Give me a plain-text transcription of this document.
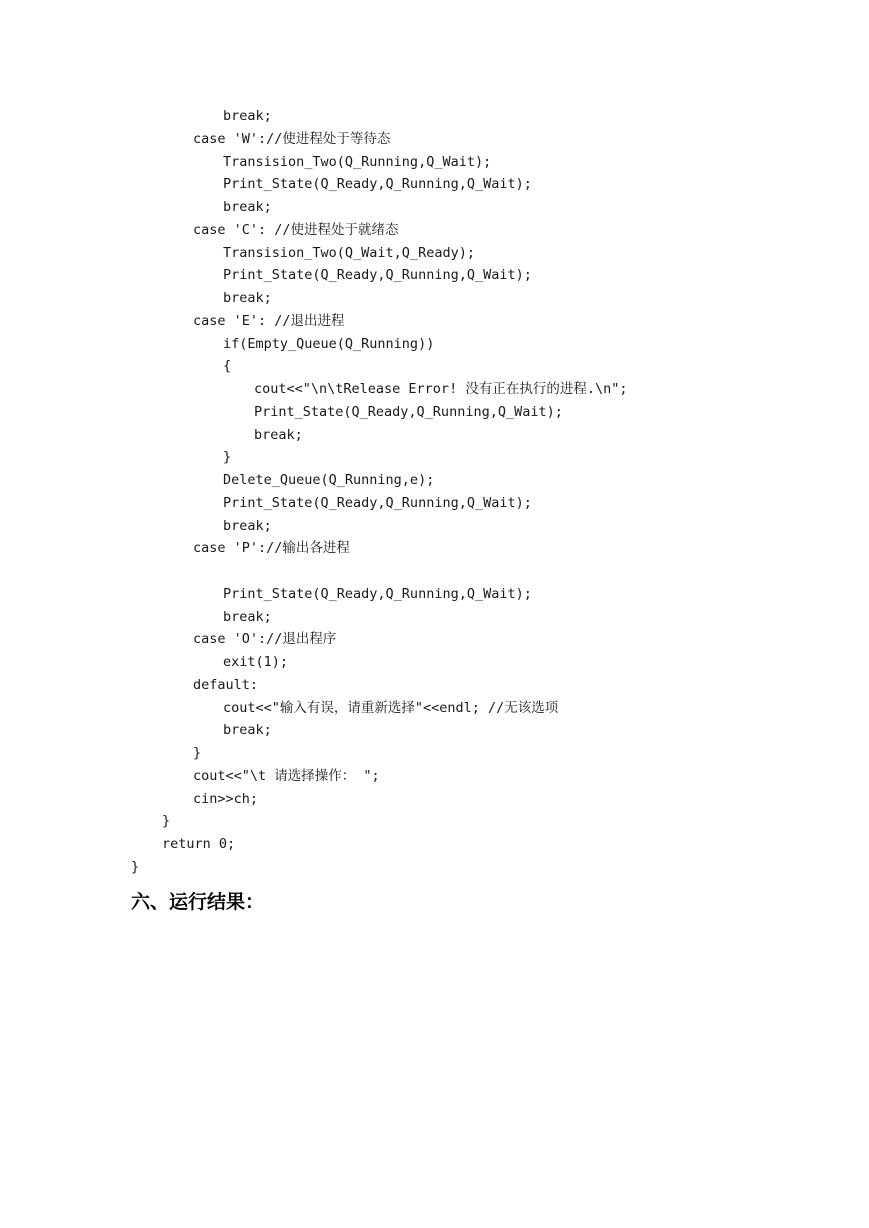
break;
case 'W'://使进程处于等待态
Transision_Two(Q_Running,Q_Wait);
Print_State(Q_Ready,Q_Running,Q_Wait);
break;
case 'C': //使进程处于就绪态
Transision_Two(Q_Wait,Q_Ready);
Print_State(Q_Ready,Q_Running,Q_Wait);
break;
case 'E': //退出进程
if(Empty_Queue(Q_Running))
{
cout<<"\n\tRelease Error! 没有正在执行的进程.\n";
Print_State(Q_Ready,Q_Running,Q_Wait);
break;
}
Delete_Queue(Q_Running,e);
Print_State(Q_Ready,Q_Running,Q_Wait);
break;
case 'P'://输出各进程
Print_State(Q_Ready,Q_Running,Q_Wait);
break;
case 'O'://退出程序
exit(1);
default:
cout<<"输入有误，请重新选择"<<endl; //无该选项
break;
}
cout<<"\t 请选择操作： ";
cin>>ch;
}
return 0;
}
六、运行结果：
